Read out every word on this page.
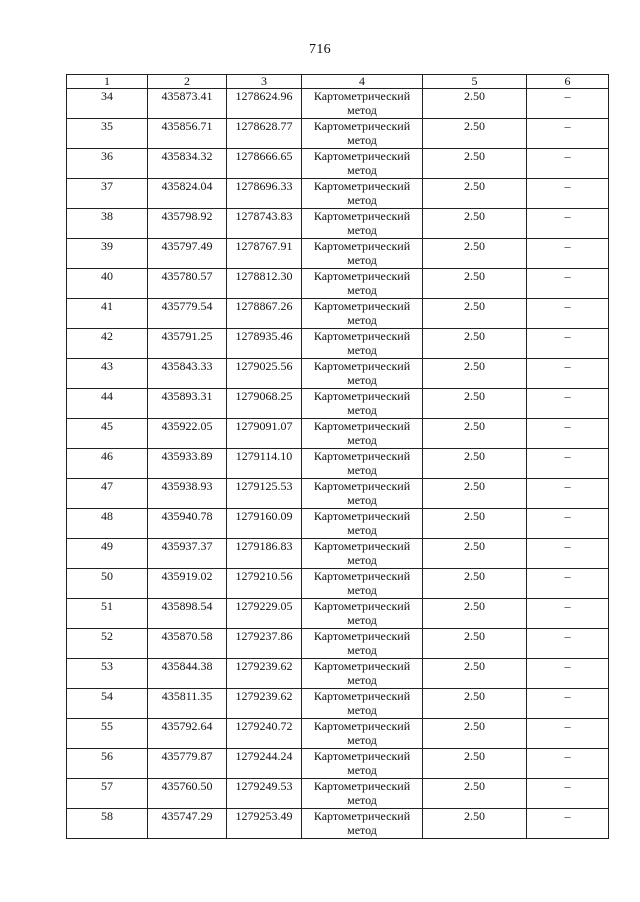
716
1	2	3	4	5	6
34	435873.41	1278624.96	Картометрический метод	2.50	–
35	435856.71	1278628.77	Картометрический метод	2.50	–
36	435834.32	1278666.65	Картометрический метод	2.50	–
37	435824.04	1278696.33	Картометрический метод	2.50	–
38	435798.92	1278743.83	Картометрический метод	2.50	–
39	435797.49	1278767.91	Картометрический метод	2.50	–
40	435780.57	1278812.30	Картометрический метод	2.50	–
41	435779.54	1278867.26	Картометрический метод	2.50	–
42	435791.25	1278935.46	Картометрический метод	2.50	–
43	435843.33	1279025.56	Картометрический метод	2.50	–
44	435893.31	1279068.25	Картометрический метод	2.50	–
45	435922.05	1279091.07	Картометрический метод	2.50	–
46	435933.89	1279114.10	Картометрический метод	2.50	–
47	435938.93	1279125.53	Картометрический метод	2.50	–
48	435940.78	1279160.09	Картометрический метод	2.50	–
49	435937.37	1279186.83	Картометрический метод	2.50	–
50	435919.02	1279210.56	Картометрический метод	2.50	–
51	435898.54	1279229.05	Картометрический метод	2.50	–
52	435870.58	1279237.86	Картометрический метод	2.50	–
53	435844.38	1279239.62	Картометрический метод	2.50	–
54	435811.35	1279239.62	Картометрический метод	2.50	–
55	435792.64	1279240.72	Картометрический метод	2.50	–
56	435779.87	1279244.24	Картометрический метод	2.50	–
57	435760.50	1279249.53	Картометрический метод	2.50	–
58	435747.29	1279253.49	Картометрический метод	2.50	–
